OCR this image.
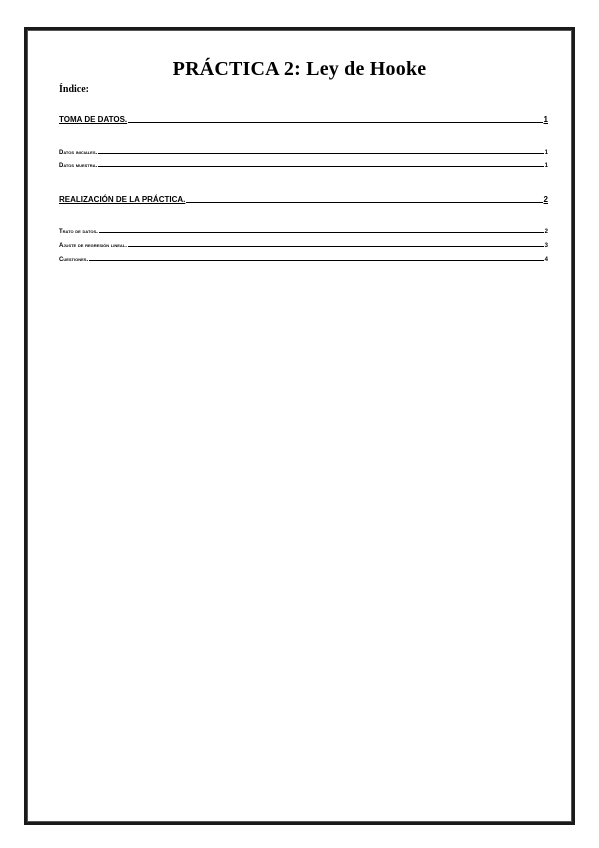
PRÁCTICA 2: Ley de Hooke
Índice:
TOMA DE DATOS.	1
Datos iniciales.	1
Datos muestra.	1
REALIZACIÓN DE LA PRÁCTICA.	2
Trato de datos.	2
Ajuste de regresión lineal.	3
Cuestiones.	4
